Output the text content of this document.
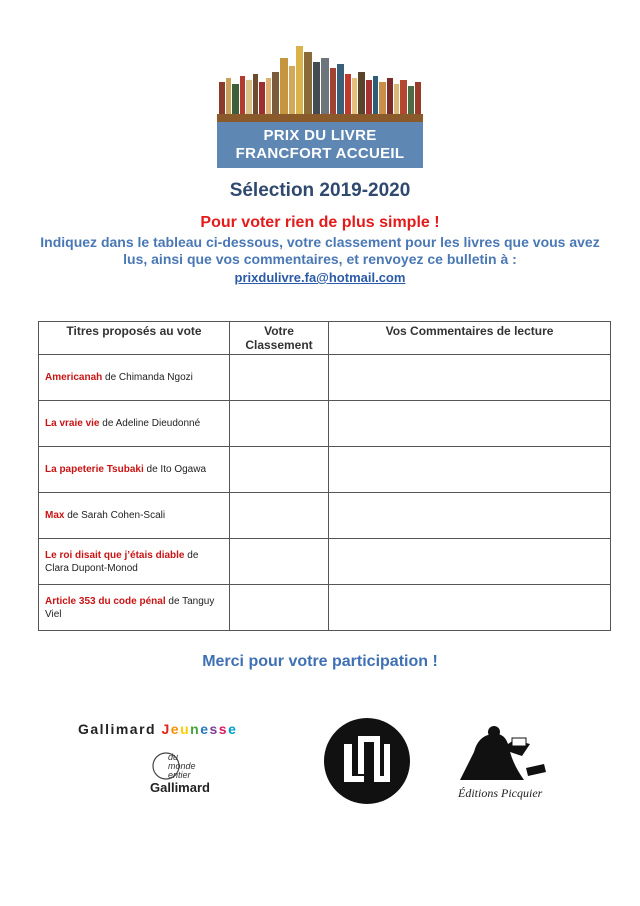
PRIX DU LIVRE
FRANCFORT ACCUEIL
Sélection 2019-2020
Pour voter rien de plus simple !
Indiquez dans le tableau ci-dessous, votre classement pour les livres que vous avez lus, ainsi que vos commentaires, et renvoyez ce bulletin à :
prixdulivre.fa@hotmail.com
Titres proposés au vote	Votre Classement	Vos Commentaires de lecture
Americanah de Chimanda Ngozi		
La vraie vie de Adeline Dieudonné		
La papeterie Tsubaki de Ito Ogawa		
Max de Sarah Cohen-Scali		
Le roi disait que j’étais diable de Clara Dupont-Monod		
Article 353 du code pénal de Tanguy Viel		
Merci pour votre participation !
Gallimard Jeunesse
du
monde
entier
Gallimard	Éditions Picquier
